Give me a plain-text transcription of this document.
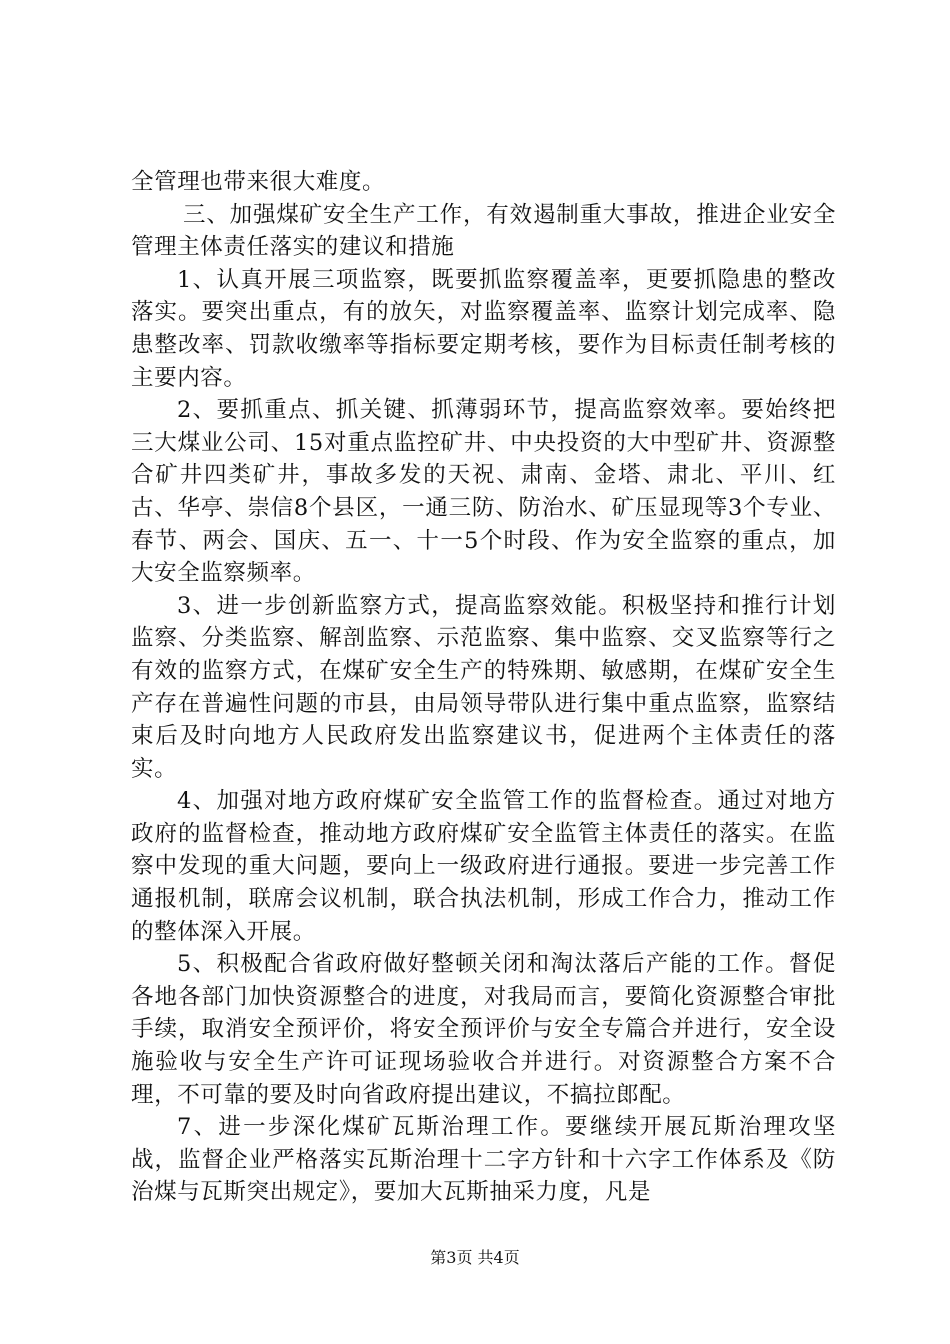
全管理也带来很大难度。

三、加强煤矿安全生产工作，有效遏制重大事故，推进企业安全管理主体责任落实的建议和措施

1、认真开展三项监察，既要抓监察覆盖率，更要抓隐患的整改落实。要突出重点，有的放矢，对监察覆盖率、监察计划完成率、隐患整改率、罚款收缴率等指标要定期考核，要作为目标责任制考核的主要内容。

2、要抓重点、抓关键、抓薄弱环节，提高监察效率。要始终把三大煤业公司、15对重点监控矿井、中央投资的大中型矿井、资源整合矿井四类矿井，事故多发的天祝、肃南、金塔、肃北、平川、红古、华亭、崇信8个县区，一通三防、防治水、矿压显现等3个专业、春节、两会、国庆、五一、十一5个时段、作为安全监察的重点，加大安全监察频率。

3、进一步创新监察方式，提高监察效能。积极坚持和推行计划监察、分类监察、解剖监察、示范监察、集中监察、交叉监察等行之有效的监察方式，在煤矿安全生产的特殊期、敏感期，在煤矿安全生产存在普遍性问题的市县，由局领导带队进行集中重点监察，监察结束后及时向地方人民政府发出监察建议书，促进两个主体责任的落实。

4、加强对地方政府煤矿安全监管工作的监督检查。通过对地方政府的监督检查，推动地方政府煤矿安全监管主体责任的落实。在监察中发现的重大问题，要向上一级政府进行通报。要进一步完善工作通报机制，联席会议机制，联合执法机制，形成工作合力，推动工作的整体深入开展。

5、积极配合省政府做好整顿关闭和淘汰落后产能的工作。督促各地各部门加快资源整合的进度，对我局而言，要简化资源整合审批手续，取消安全预评价，将安全预评价与安全专篇合并进行，安全设施验收与安全生产许可证现场验收合并进行。对资源整合方案不合理，不可靠的要及时向省政府提出建议，不搞拉郎配。

7、进一步深化煤矿瓦斯治理工作。要继续开展瓦斯治理攻坚战，监督企业严格落实瓦斯治理十二字方针和十六字工作体系及《防治煤与瓦斯突出规定》，要加大瓦斯抽采力度，凡是

第3页 共4页
